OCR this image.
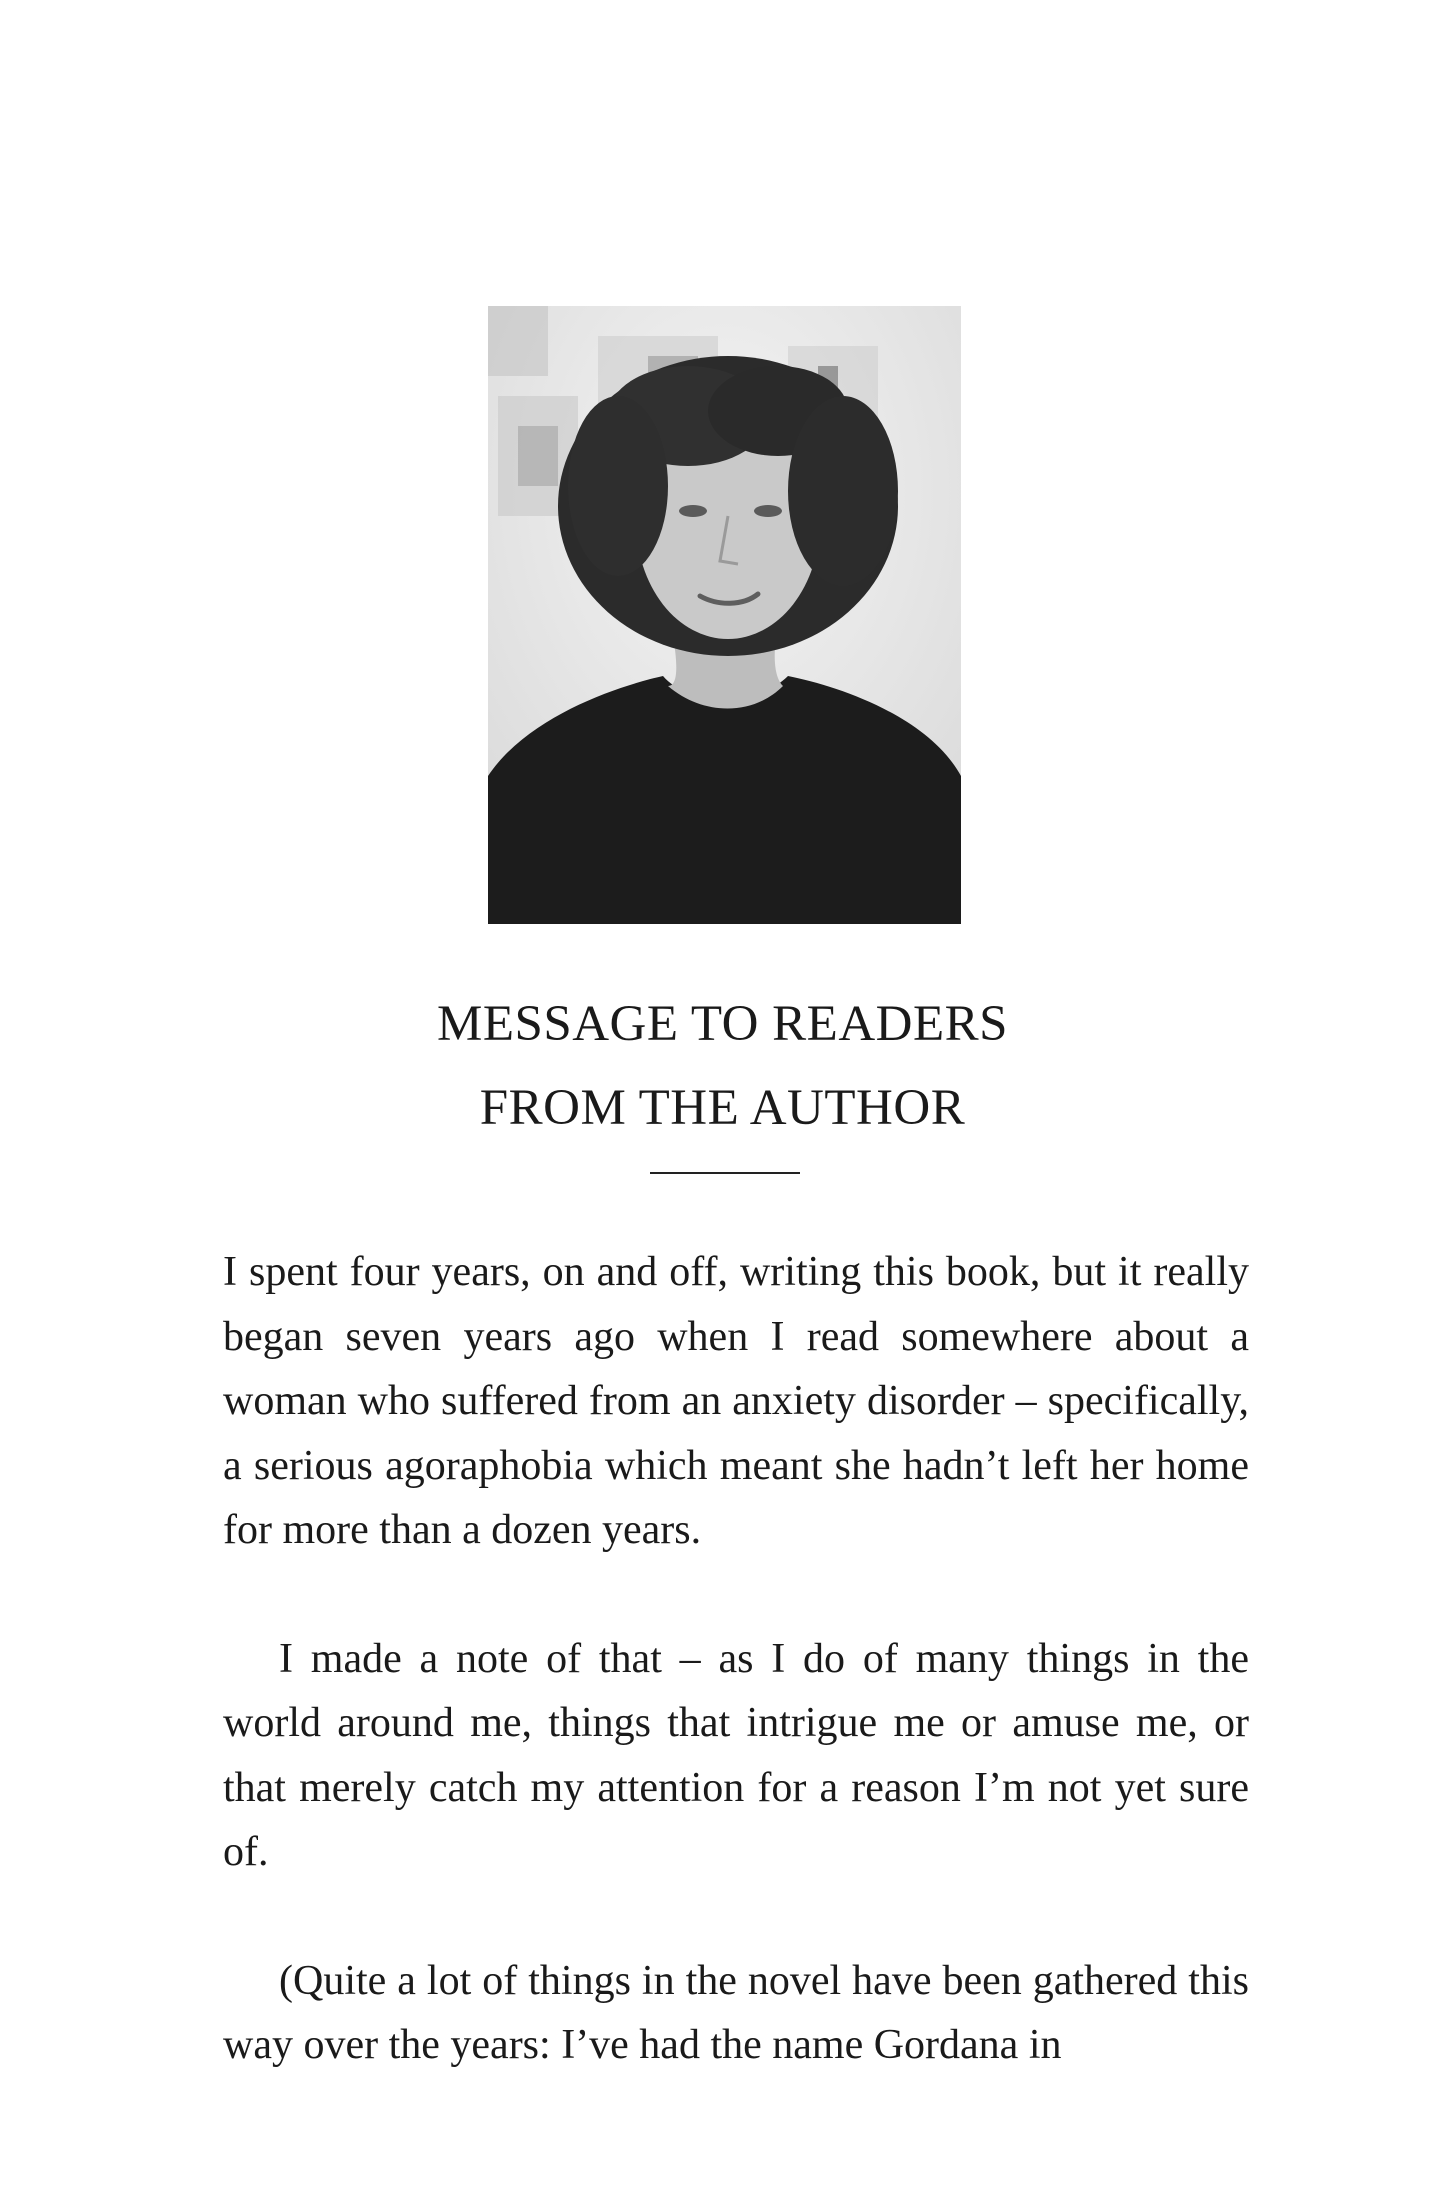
MESSAGE TO READERS
FROM THE AUTHOR

I spent four years, on and off, writing this book, but it really began seven years ago when I read somewhere about a woman who suffered from an anxiety disorder – specifically, a serious agoraphobia which meant she hadn’t left her home for more than a dozen years.

I made a note of that – as I do of many things in the world around me, things that intrigue me or amuse me, or that merely catch my attention for a reason I’m not yet sure of.

(Quite a lot of things in the novel have been gathered this way over the years: I’ve had the name Gordana in
